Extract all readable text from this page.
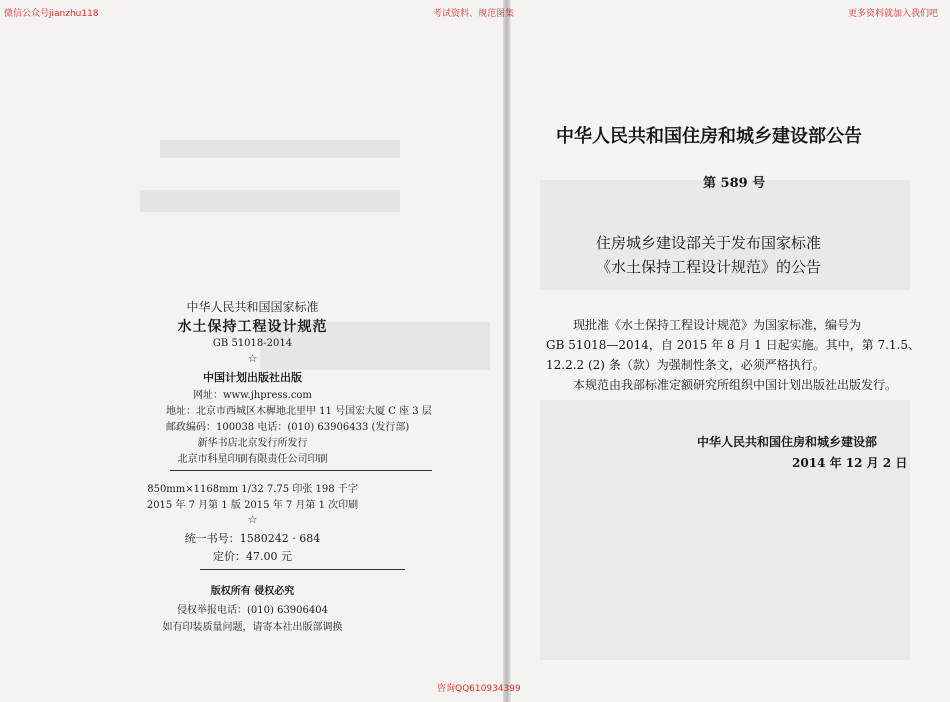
微信公众号jianzhu118	考试资料、规范图集	更多资料就加入我们吧
咨询QQ610934399
中华人民共和国国家标准
水土保持工程设计规范
GB 51018-2014
☆
中国计划出版社出版
网址：www.jhpress.com
地址：北京市西城区木樨地北里甲 11 号国宏大厦 C 座 3 层
邮政编码：100038 电话：(010) 63906433 (发行部)
新华书店北京发行所发行
北京市科星印刷有限责任公司印刷
850mm×1168mm 1/32 7.75 印张 198 千字
2015 年 7 月第 1 版 2015 年 7 月第 1 次印刷
☆
统一书号：1580242 · 684
定价：47.00 元
版权所有 侵权必究
侵权举报电话：(010) 63906404
如有印装质量问题，请寄本社出版部调换
中华人民共和国住房和城乡建设部公告
第 589 号
住房城乡建设部关于发布国家标准
《水土保持工程设计规范》的公告
现批准《水土保持工程设计规范》为国家标准，编号为
GB 51018—2014，自 2015 年 8 月 1 日起实施。其中，第 7.1.5、
12.2.2 (2) 条（款）为强制性条文，必须严格执行。
本规范由我部标准定额研究所组织中国计划出版社出版发行。
中华人民共和国住房和城乡建设部
2014 年 12 月 2 日
